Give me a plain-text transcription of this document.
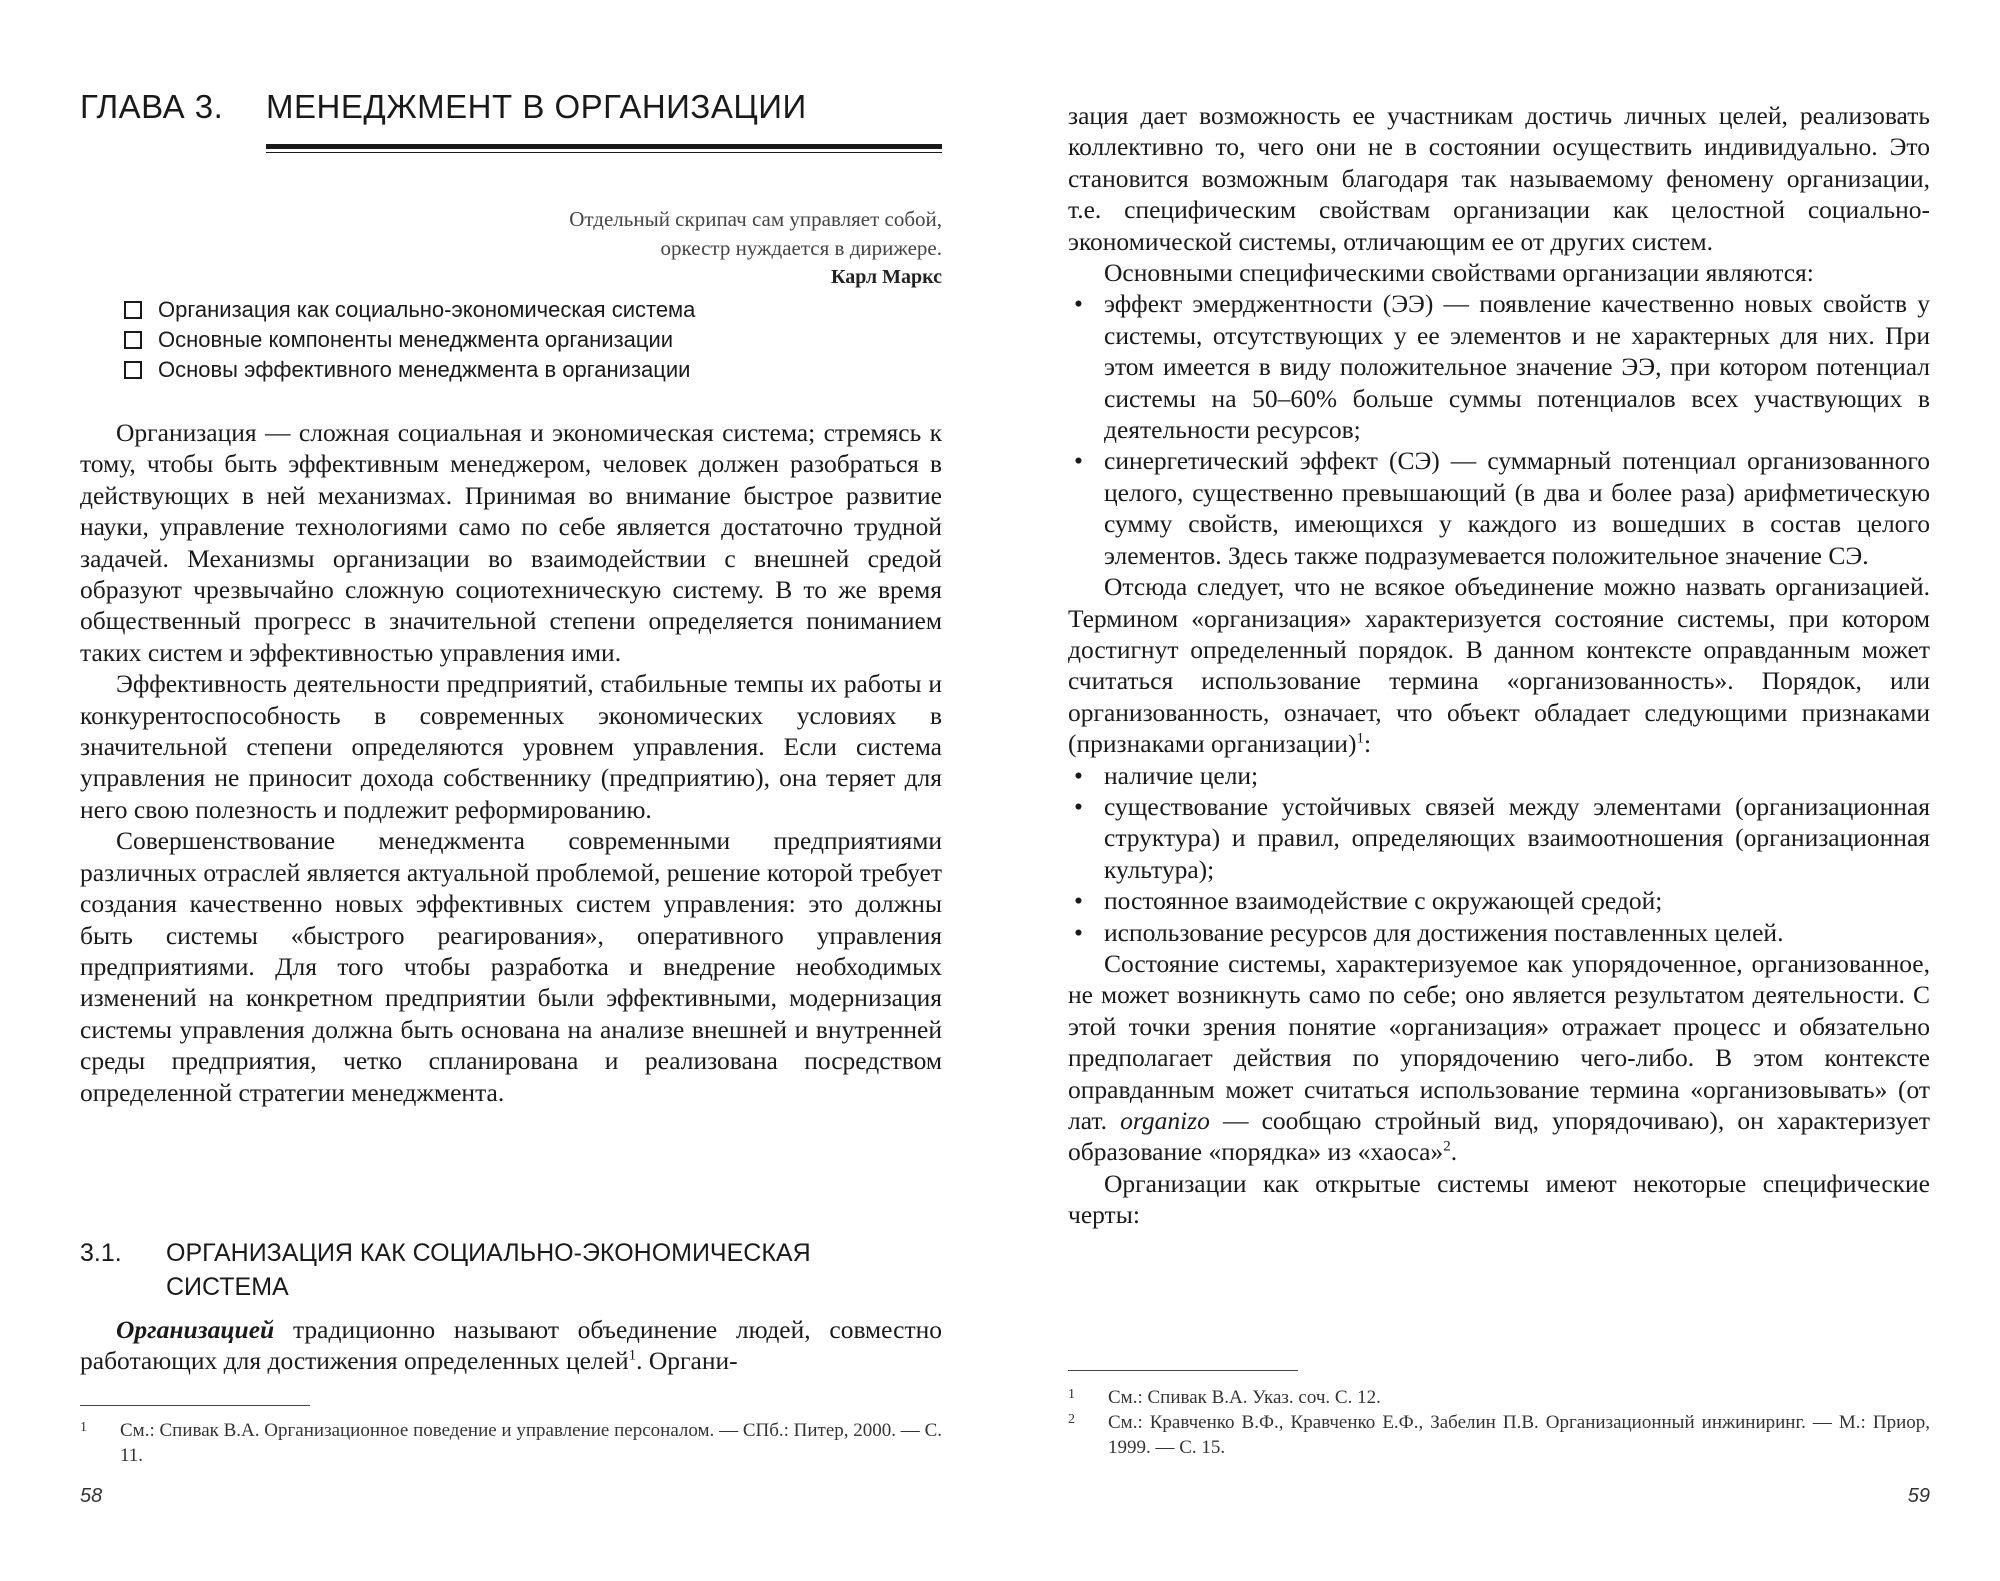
ГЛАВА 3. МЕНЕДЖМЕНТ В ОРГАНИЗАЦИИ
Отдельный скрипач сам управляет собой,
оркестр нуждается в дирижере.
Карл Маркс
Организация как социально-экономическая система
Основные компоненты менеджмента организации
Основы эффективного менеджмента в организации

Организация — сложная социальная и экономическая система; стремясь к тому, чтобы быть эффективным менеджером, человек должен разобраться в действующих в ней механизмах. Принимая во внимание быстрое развитие науки, управление технологиями само по себе является достаточно трудной задачей. Механизмы организации во взаимодействии с внешней средой образуют чрезвычайно сложную социотехническую систему. В то же время общественный прогресс в значительной степени определяется пониманием таких систем и эффективностью управления ими.

Эффективность деятельности предприятий, стабильные темпы их работы и конкурентоспособность в современных экономических условиях в значительной степени определяются уровнем управления. Если система управления не приносит дохода собственнику (предприятию), она теряет для него свою полезность и подлежит реформированию.

Совершенствование менеджмента современными предприятиями различных отраслей является актуальной проблемой, решение которой требует создания качественно новых эффективных систем управления: это должны быть системы «быстрого реагирования», оперативного управления предприятиями. Для того чтобы разработка и внедрение необходимых изменений на конкретном предприятии были эффективными, модернизация системы управления должна быть основана на анализе внешней и внутренней среды предприятия, четко спланирована и реализована посредством определенной стратегии менеджмента.

3.1. ОРГАНИЗАЦИЯ КАК СОЦИАЛЬНО-ЭКОНОМИЧЕСКАЯ СИСТЕМА

Организацией традиционно называют объединение людей, совместно работающих для достижения определенных целей$^1$. Органи-

1	См.: Спивак В.А. Организационное поведение и управление персоналом. — СПб.: Питер, 2000. — С. 11.
58

зация дает возможность ее участникам достичь личных целей, реализовать коллективно то, чего они не в состоянии осуществить индивидуально. Это становится возможным благодаря так называемому феномену организации, т.е. специфическим свойствам организации как целостной социально-экономической системы, отличающим ее от других систем.

Основными специфическими свойствами организации являются:

• эффект эмерджентности (ЭЭ) — появление качественно новых свойств у системы, отсутствующих у ее элементов и не характерных для них. При этом имеется в виду положительное значение ЭЭ, при котором потенциал системы на 50–60% больше суммы потенциалов всех участвующих в деятельности ресурсов;
• синергетический эффект (СЭ) — суммарный потенциал организованного целого, существенно превышающий (в два и более раза) арифметическую сумму свойств, имеющихся у каждого из вошедших в состав целого элементов. Здесь также подразумевается положительное значение СЭ.

Отсюда следует, что не всякое объединение можно назвать организацией. Термином «организация» характеризуется состояние системы, при котором достигнут определенный порядок. В данном контексте оправданным может считаться использование термина «организованность». Порядок, или организованность, означает, что объект обладает следующими признаками (признаками организации)$^1$:

• наличие цели;
• существование устойчивых связей между элементами (организационная структура) и правил, определяющих взаимоотношения (организационная культура);
• постоянное взаимодействие с окружающей средой;
• использование ресурсов для достижения поставленных целей.

Состояние системы, характеризуемое как упорядоченное, организованное, не может возникнуть само по себе; оно является результатом деятельности. С этой точки зрения понятие «организация» отражает процесс и обязательно предполагает действия по упорядочению чего-либо. В этом контексте оправданным может считаться использование термина «организовывать» (от лат. organizo — сообщаю стройный вид, упорядочиваю), он характеризует образование «порядка» из «хаоса»$^2$.

Организации как открытые системы имеют некоторые специфические черты:

1	См.: Спивак В.А. Указ. соч. С. 12.
2	См.: Кравченко В.Ф., Кравченко Е.Ф., Забелин П.В. Организационный инжиниринг. — М.: Приор, 1999. — С. 15.
59
